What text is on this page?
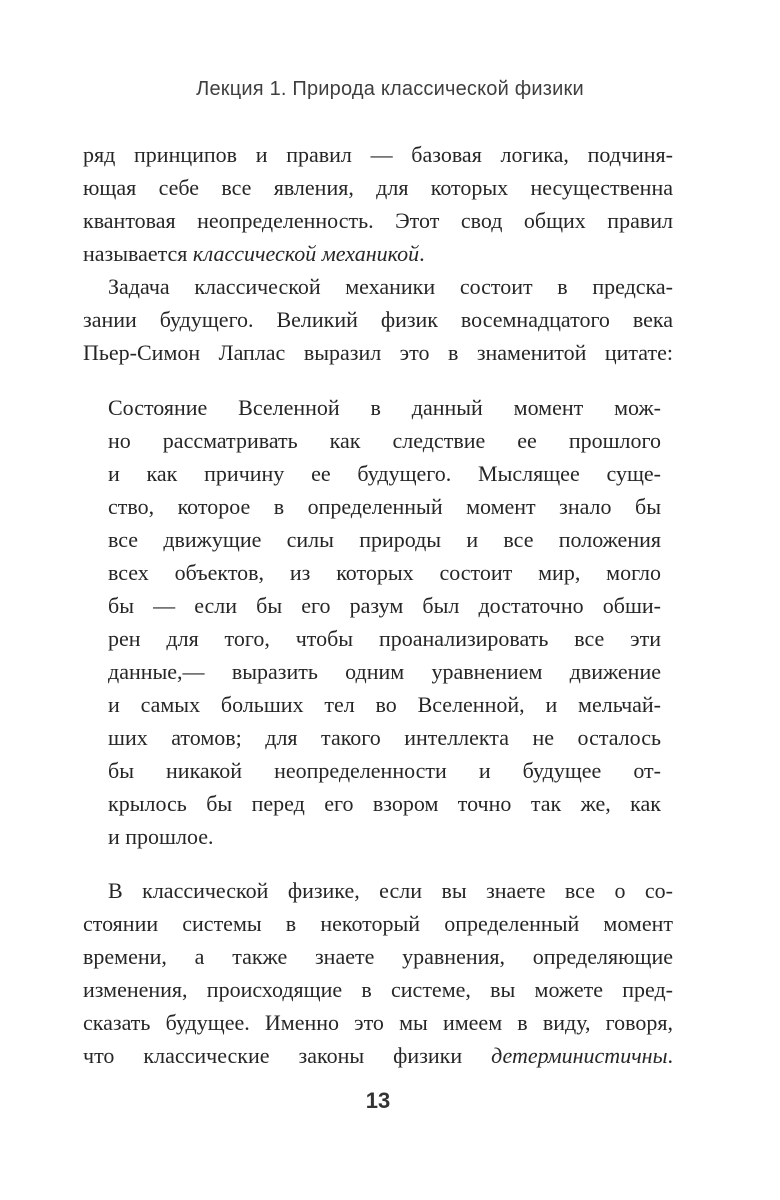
Лекция 1. Природа классической физики
ряд принципов и правил — базовая логика, подчиня-
ющая себе все явления, для которых несущественна
квантовая неопределенность. Этот свод общих правил
называется классической механикой.
Задача классической механики состоит в предска-
зании будущего. Великий физик восемнадцатого века
Пьер-Симон Лаплас выразил это в знаменитой цитате:
Состояние Вселенной в данный момент мож-
но рассматривать как следствие ее прошлого
и как причину ее будущего. Мыслящее суще-
ство, которое в определенный момент знало бы
все движущие силы природы и все положения
всех объектов, из которых состоит мир, могло
бы — если бы его разум был достаточно обши-
рен для того, чтобы проанализировать все эти
данные,— выразить одним уравнением движение
и самых больших тел во Вселенной, и мельчай-
ших атомов; для такого интеллекта не осталось
бы никакой неопределенности и будущее от-
крылось бы перед его взором точно так же, как
и прошлое.
В классической физике, если вы знаете все о со-
стоянии системы в некоторый определенный момент
времени, а также знаете уравнения, определяющие
изменения, происходящие в системе, вы можете пред-
сказать будущее. Именно это мы имеем в виду, говоря,
что классические законы физики детерминистичны.
13
